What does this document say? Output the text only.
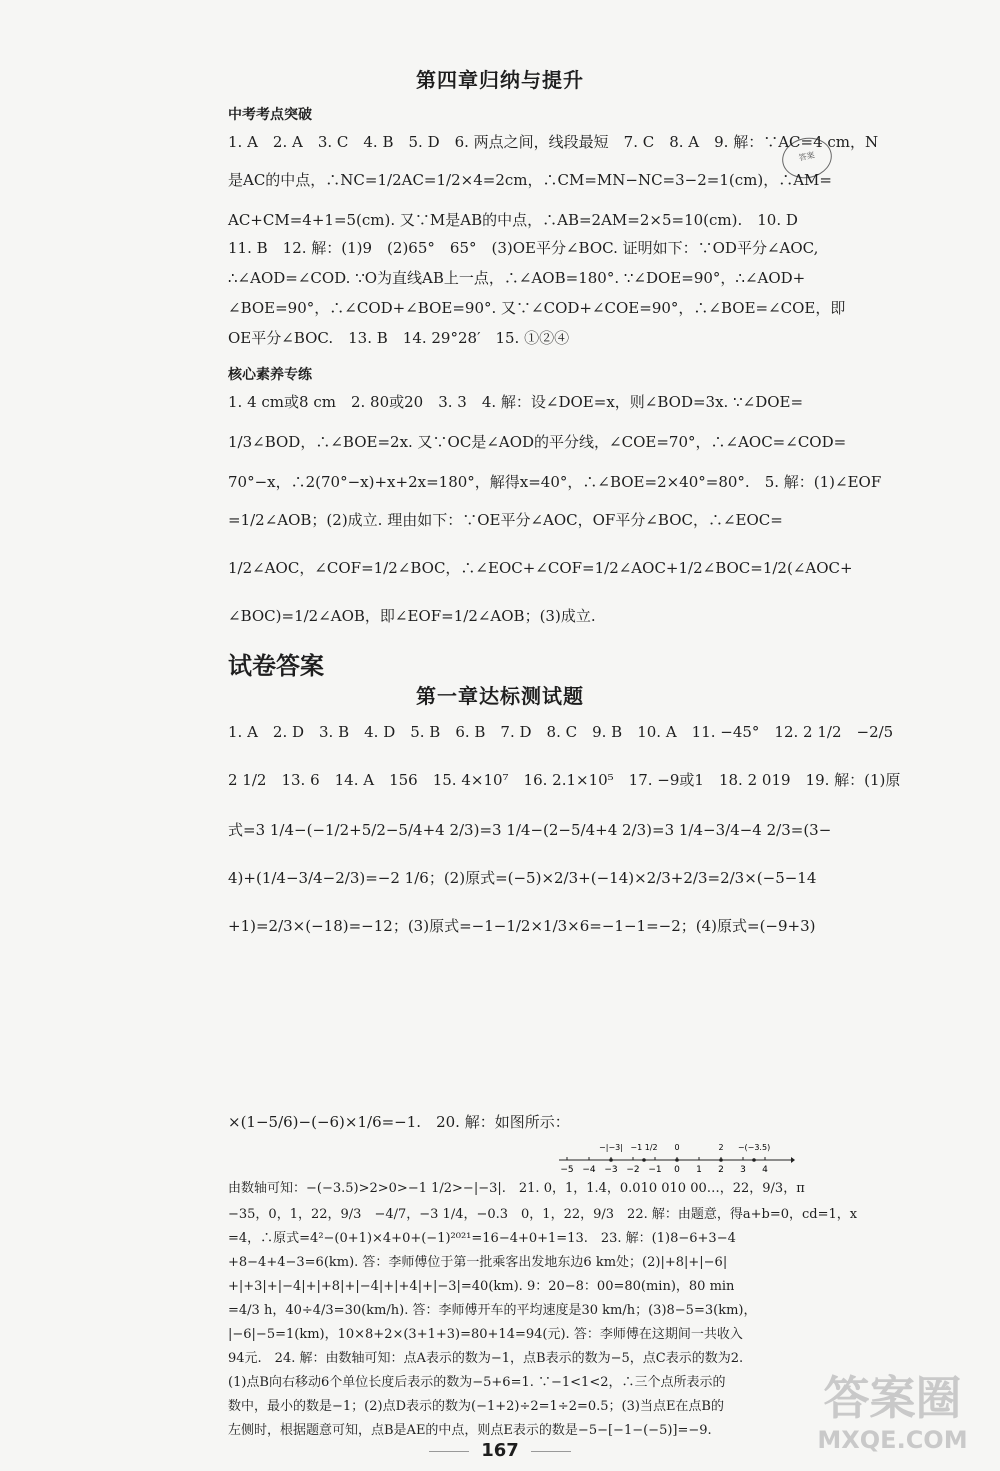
第四章归纳与提升
答案
中考考点突破
1. A　2. A　3. C　4. B　5. D　6. 两点之间，线段最短　7. C　8. A　9. 解：∵AC=4 cm，N
是AC的中点，∴NC=1/2AC=1/2×4=2cm，∴CM=MN−NC=3−2=1(cm)，∴AM=
AC+CM=4+1=5(cm). 又∵M是AB的中点，∴AB=2AM=2×5=10(cm).　10. D
11. B　12. 解：(1)9　(2)65°　65°　(3)OE平分∠BOC. 证明如下：∵OD平分∠AOC,
∴∠AOD=∠COD. ∵O为直线AB上一点，∴∠AOB=180°. ∵∠DOE=90°，∴∠AOD+
∠BOE=90°，∴∠COD+∠BOE=90°. 又∵∠COD+∠COE=90°，∴∠BOE=∠COE，即
OE平分∠BOC.　13. B　14. 29°28′　15. ①②④
核心素养专练
1. 4 cm或8 cm　2. 80或20　3. 3　4. 解：设∠DOE=x，则∠BOD=3x. ∵∠DOE=
1/3∠BOD，∴∠BOE=2x. 又∵OC是∠AOD的平分线，∠COE=70°，∴∠AOC=∠COD=
70°−x，∴2(70°−x)+x+2x=180°，解得x=40°，∴∠BOE=2×40°=80°.　5. 解：(1)∠EOF
=1/2∠AOB；(2)成立. 理由如下：∵OE平分∠AOC，OF平分∠BOC，∴∠EOC=
1/2∠AOC，∠COF=1/2∠BOC，∴∠EOC+∠COF=1/2∠AOC+1/2∠BOC=1/2(∠AOC+
∠BOC)=1/2∠AOB，即∠EOF=1/2∠AOB；(3)成立.
试卷答案
第一章达标测试题
1. A　2. D　3. B　4. D　5. B　6. B　7. D　8. C　9. B　10. A　11. −45°　12. 2 1/2　−2/5
2 1/2　13. 6　14. A　156　15. 4×10⁷　16. 2.1×10⁵　17. −9或1　18. 2 019　19. 解：(1)原
式=3 1/4−(−1/2+5/2−5/4+4 2/3)=3 1/4−(2−5/4+4 2/3)=3 1/4−3/4−4 2/3=(3−
4)+(1/4−3/4−2/3)=−2 1/6；(2)原式=(−5)×2/3+(−14)×2/3+2/3=2/3×(−5−14
+1)=2/3×(−18)=−12；(3)原式=−1−1/2×1/3×6=−1−1=−2；(4)原式=(−9+3)
×(1−5/6)−(−6)×1/6=−1.　20. 解：如图所示：
−5 −4 −3 −2 −1 0 1 2 3 4
−|−3| −1 1/2 0	2 −(−3.5)
由数轴可知：−(−3.5)>2>0>−1 1/2>−|−3|.　21. 0，1，1.4，0.010 010 00…，22，9/3，π
−35，0，1，22，9/3　−4/7，−3 1/4，−0.3　0，1，22，9/3　22. 解：由题意，得a+b=0，cd=1，x
=4，∴原式=4²−(0+1)×4+0+(−1)²⁰²¹=16−4+0+1=13.　23. 解：(1)8−6+3−4
+8−4+4−3=6(km). 答：李师傅位于第一批乘客出发地东边6 km处；(2)|+8|+|−6|
+|+3|+|−4|+|+8|+|−4|+|+4|+|−3|=40(km). 9：20−8：00=80(min)，80 min
=4/3 h，40÷4/3=30(km/h). 答：李师傅开车的平均速度是30 km/h；(3)8−5=3(km)，
|−6|−5=1(km)，10×8+2×(3+1+3)=80+14=94(元). 答：李师傅在这期间一共收入
94元.　24. 解：由数轴可知：点A表示的数为−1，点B表示的数为−5，点C表示的数为2.
(1)点B向右移动6个单位长度后表示的数为−5+6=1. ∵−1<1<2，∴三个点所表示的
数中，最小的数是−1；(2)点D表示的数为(−1+2)÷2=1÷2=0.5；(3)当点E在点B的
左侧时，根据题意可知，点B是AE的中点，则点E表示的数是−5−[−1−(−5)]=−9.
167
答案圈
MXQE.COM
